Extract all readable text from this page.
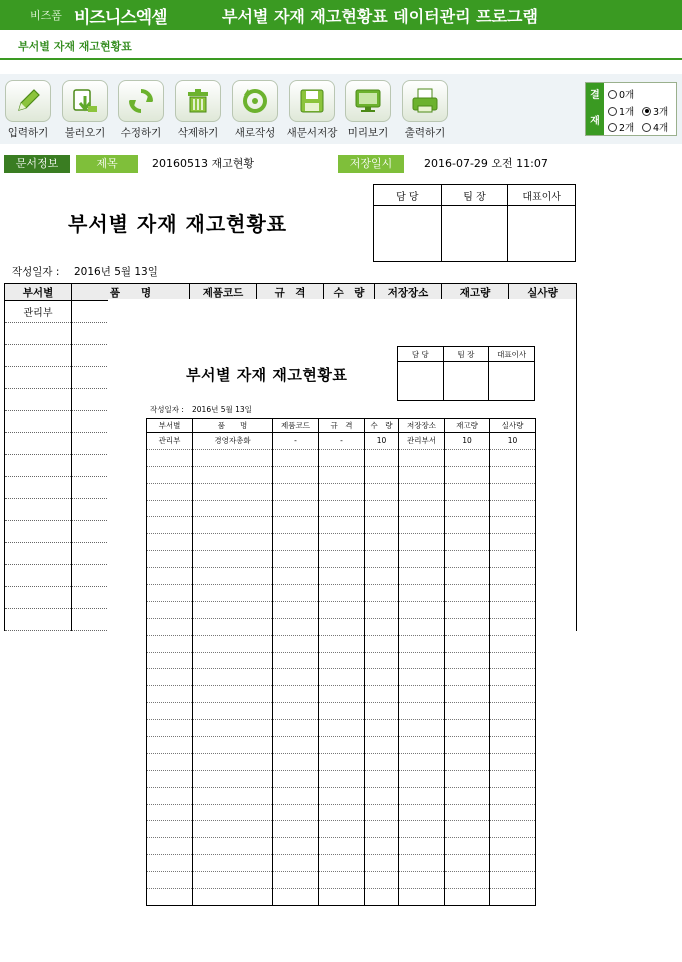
비즈폼 비즈니스엑셀	부서별 자재 재고현황표 데이터관리 프로그램
부서별 자재 재고현황표
입력하기	불러오기	수정하기	삭제하기	새로작성	새문서저장 미리보기	출력하기
결

재
0개
1개 3개
2개 4개
문서정보	제목	20160513 재고현황	저장일시	2016-07-29 오전 11:07
부서별 자재 재고현황표
담 당	팀 장	대표이사

작성일자 : 2016년 5월 13일
부서별	품　　명	제품코드	규　격	수　량	저장장소	재고량	실사량
관리부							

부서별 자재 재고현황표
담 당	팀 장	대표이사

작성일자 : 2016년 5월 13일
부서별	품　　명	제품코드	규　격	수　량	저장장소	재고량	실사량
관리부	경영자총화	-	-	10	관리부서	10	10
